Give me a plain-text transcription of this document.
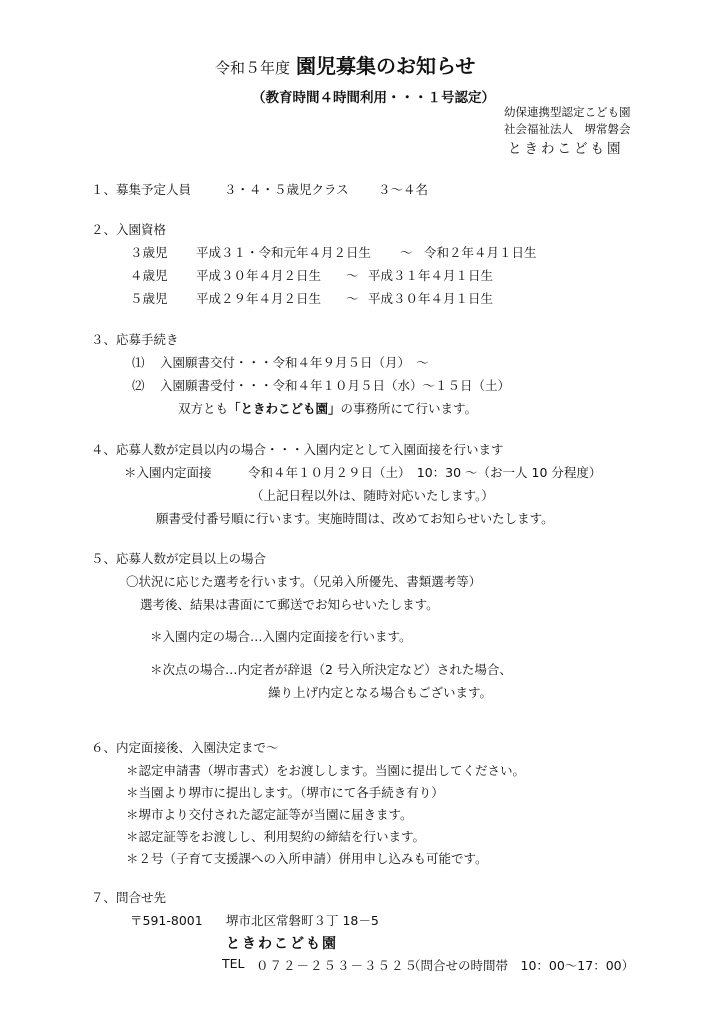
令和５年度 園児募集のお知らせ
（教育時間４時間利用・・・１号認定）
幼保連携型認定こども園
社会福祉法人　堺常磐会
ときわこども園
１、募集予定人員	３・４・５歳児クラス ３～４名
２、入園資格
３歳児 平成３１・令和元年４月２日生 ～ 令和２年４月１日生
４歳児 平成３０年４月２日生 ～ 平成３１年４月１日生
５歳児 平成２９年４月２日生 ～ 平成３０年４月１日生
３、応募手続き
⑴ 入園願書交付・・・令和４年９月５日（月）　～
⑵ 入園願書受付・・・令和４年１０月５日（水）～１５日（土）
双方とも「ときわこども園」の事務所にて行います。
４、応募人数が定員以内の場合・・・入園内定として入園面接を行います
＊入園内定面接	令和４年１０月２９日（土）　10：30 ～（お一人 10 分程度）
（上記日程以外は、随時対応いたします。）
願書受付番号順に行います。実施時間は、改めてお知らせいたします。
５、応募人数が定員以上の場合
〇状況に応じた選考を行います。（兄弟入所優先、書類選考等）
選考後、結果は書面にて郵送でお知らせいたします。
＊入園内定の場合…入園内定面接を行います。
＊次点の場合…内定者が辞退（2 号入所決定など）された場合、
繰り上げ内定となる場合もございます。
６、内定面接後、入園決定まで～
＊認定申請書（堺市書式）をお渡しします。当園に提出してください。
＊当園より堺市に提出します。（堺市にて各手続き有り）
＊堺市より交付された認定証等が当園に届きます。
＊認定証等をお渡しし、利用契約の締結を行います。
＊２号（子育て支援課への入所申請）併用申し込みも可能です。
７、問合せ先
〒591-8001 堺市北区常磐町３丁 18－5
ときわこども園
TEL ０７２－２５３－３５２５
（問合せの時間帯　10：00～17：00）
